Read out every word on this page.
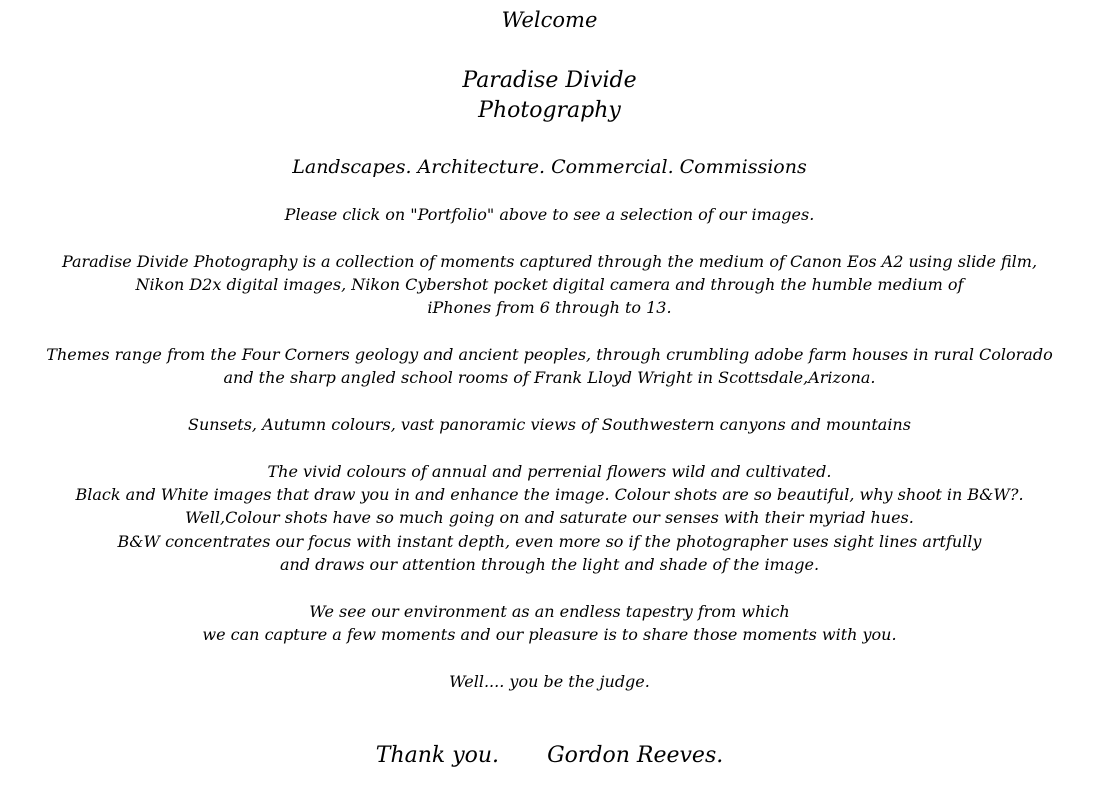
Welcome
Paradise Divide
Photography
Landscapes. Architecture. Commercial. Commissions
Please click on "Portfolio" above to see a selection of our images.
Paradise Divide Photography is a collection of moments captured through the medium of Canon Eos A2 using slide film,
Nikon D2x digital images, Nikon Cybershot pocket digital camera and through the humble medium of
iPhones from 6 through to 13.
Themes range from the Four Corners geology and ancient peoples, through crumbling adobe farm houses in rural Colorado
and the sharp angled school rooms of Frank Lloyd Wright in Scottsdale,Arizona.
Sunsets, Autumn colours, vast panoramic views of Southwestern canyons and mountains
The vivid colours of annual and perrenial flowers wild and cultivated.
Black and White images that draw you in and enhance the image. Colour shots are so beautiful, why shoot in B&W?.
Well,Colour shots have so much going on and saturate our senses with their myriad hues.
B&W concentrates our focus with instant depth, even more so if the photographer uses sight lines artfully
and draws our attention through the light and shade of the image.
We see our environment as an endless tapestry from which
we can capture a few moments and our pleasure is to share those moments with you.
Well.... you be the judge.
Thank you. Gordon Reeves.
